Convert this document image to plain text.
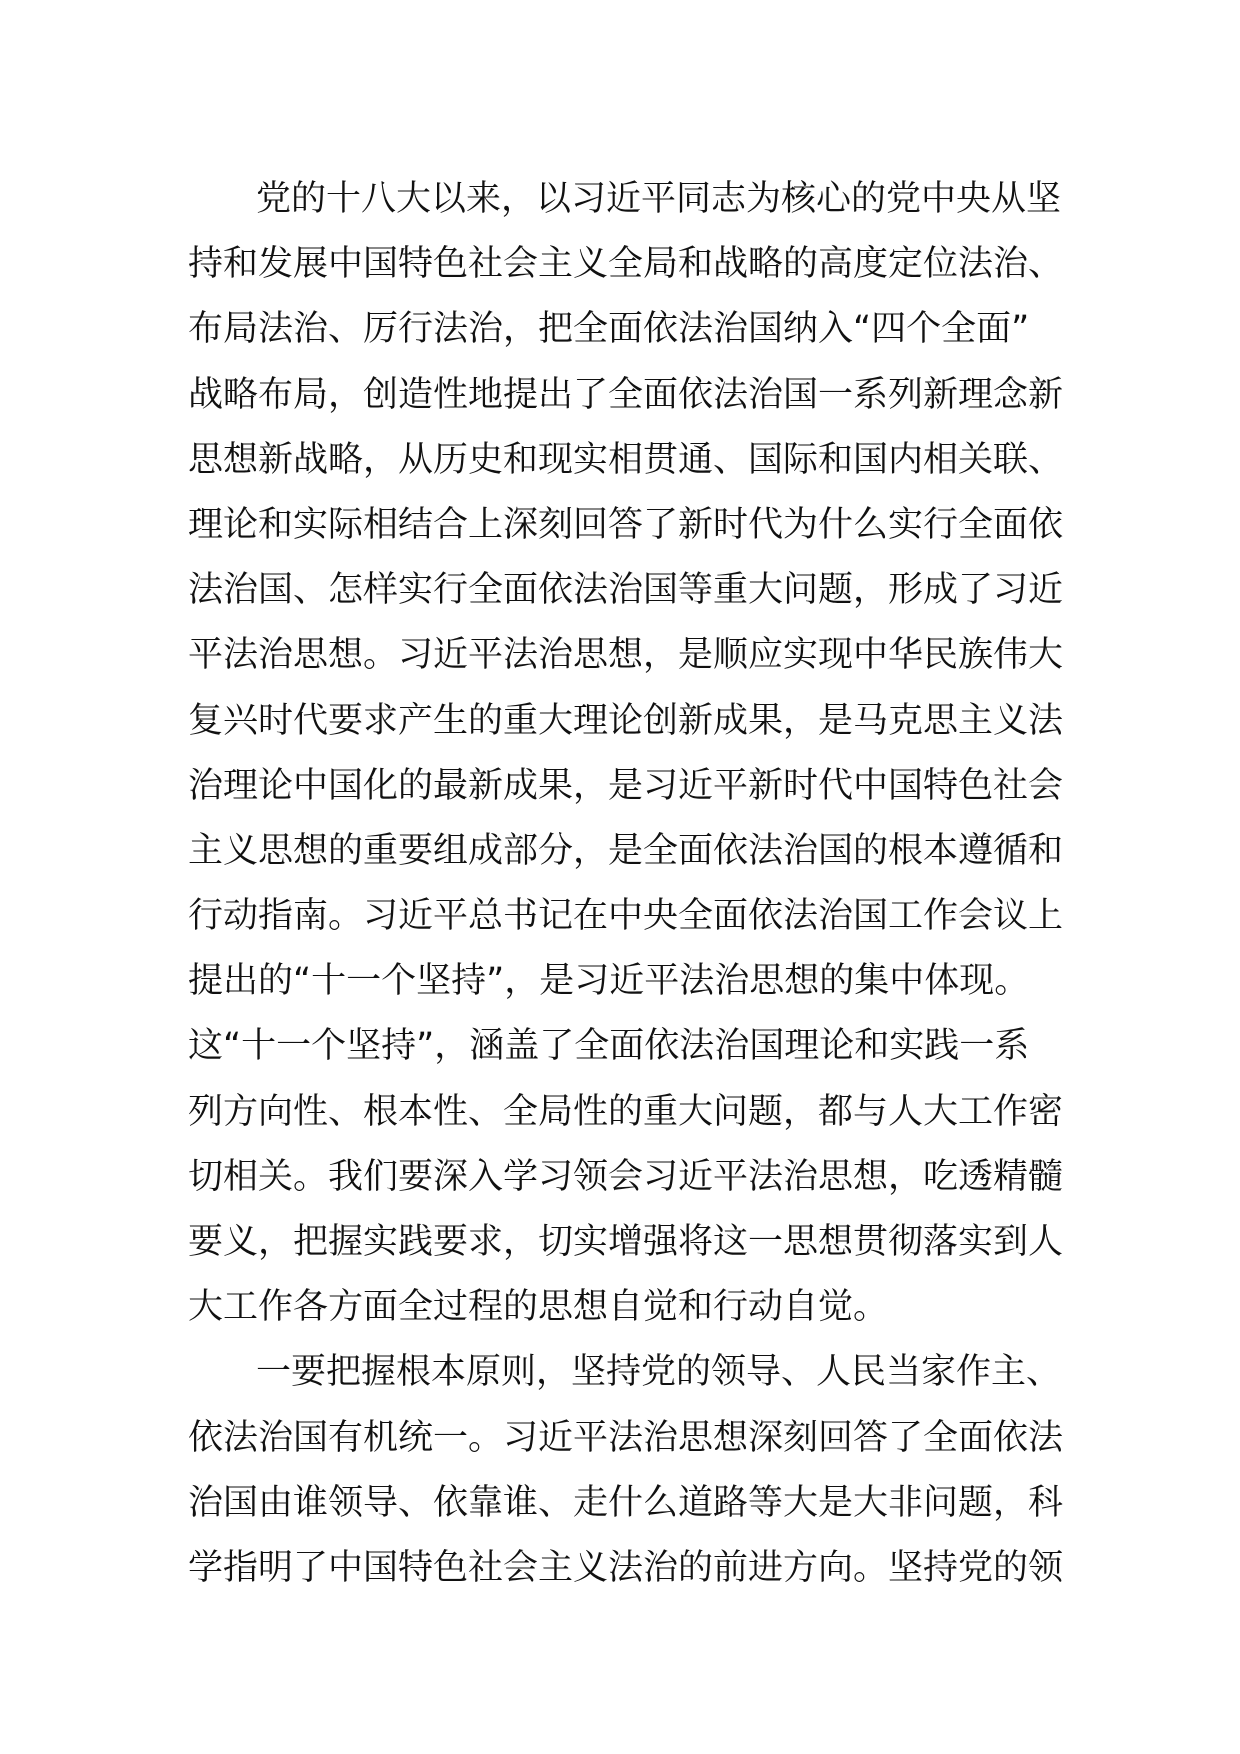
党的十八大以来，以习近平同志为核心的党中央从坚
持和发展中国特色社会主义全局和战略的高度定位法治、
布局法治、厉行法治，把全面依法治国纳入“四个全面”
战略布局，创造性地提出了全面依法治国一系列新理念新
思想新战略，从历史和现实相贯通、国际和国内相关联、
理论和实际相结合上深刻回答了新时代为什么实行全面依
法治国、怎样实行全面依法治国等重大问题，形成了习近
平法治思想。习近平法治思想，是顺应实现中华民族伟大
复兴时代要求产生的重大理论创新成果，是马克思主义法
治理论中国化的最新成果，是习近平新时代中国特色社会
主义思想的重要组成部分，是全面依法治国的根本遵循和
行动指南。习近平总书记在中央全面依法治国工作会议上
提出的“十一个坚持”，是习近平法治思想的集中体现。
这“十一个坚持”，涵盖了全面依法治国理论和实践一系
列方向性、根本性、全局性的重大问题，都与人大工作密
切相关。我们要深入学习领会习近平法治思想，吃透精髓
要义，把握实践要求，切实增强将这一思想贯彻落实到人
大工作各方面全过程的思想自觉和行动自觉。
一要把握根本原则，坚持党的领导、人民当家作主、
依法治国有机统一。习近平法治思想深刻回答了全面依法
治国由谁领导、依靠谁、走什么道路等大是大非问题，科
学指明了中国特色社会主义法治的前进方向。坚持党的领
